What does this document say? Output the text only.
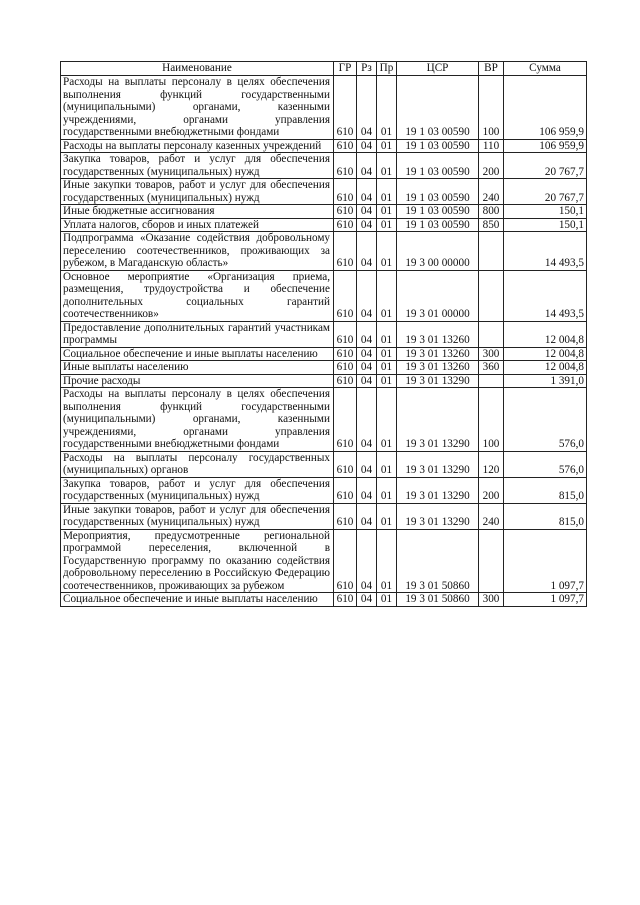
Наименование	ГР	Рз	Пр	ЦСР	ВР	Сумма
Расходы на выплаты персоналу в целях обеспечения выполнения функций государственными (муниципальными) органами, казенными учреждениями, органами управления государственными внебюджетными фондами	610	04	01	19 1 03 00590	100	106 959,9
Расходы на выплаты персоналу казенных учреждений	610	04	01	19 1 03 00590	110	106 959,9
Закупка товаров, работ и услуг для обеспечения государственных (муниципальных) нужд	610	04	01	19 1 03 00590	200	20 767,7
Иные закупки товаров, работ и услуг для обеспечения государственных (муниципальных) нужд	610	04	01	19 1 03 00590	240	20 767,7
Иные бюджетные ассигнования	610	04	01	19 1 03 00590	800	150,1
Уплата налогов, сборов и иных платежей	610	04	01	19 1 03 00590	850	150,1
Подпрограмма «Оказание содействия добровольному переселению соотечественников, проживающих за рубежом, в Магаданскую область»	610	04	01	19 3 00 00000		14 493,5
Основное мероприятие «Организация приема, размещения, трудоустройства и обеспечение дополнительных социальных гарантий соотечественников»	610	04	01	19 3 01 00000		14 493,5
Предоставление дополнительных гарантий участникам программы	610	04	01	19 3 01 13260		12 004,8
Социальное обеспечение и иные выплаты населению	610	04	01	19 3 01 13260	300	12 004,8
Иные выплаты населению	610	04	01	19 3 01 13260	360	12 004,8
Прочие расходы	610	04	01	19 3 01 13290		1 391,0
Расходы на выплаты персоналу в целях обеспечения выполнения функций государственными (муниципальными) органами, казенными учреждениями, органами управления государственными внебюджетными фондами	610	04	01	19 3 01 13290	100	576,0
Расходы на выплаты персоналу государственных (муниципальных) органов	610	04	01	19 3 01 13290	120	576,0
Закупка товаров, работ и услуг для обеспечения государственных (муниципальных) нужд	610	04	01	19 3 01 13290	200	815,0
Иные закупки товаров, работ и услуг для обеспечения государственных (муниципальных) нужд	610	04	01	19 3 01 13290	240	815,0
Мероприятия, предусмотренные региональной программой переселения, включенной в Государственную программу по оказанию содействия добровольному переселению в Российскую Федерацию соотечественников, проживающих за рубежом	610	04	01	19 3 01 50860		1 097,7
Социальное обеспечение и иные выплаты населению	610	04	01	19 3 01 50860	300	1 097,7
